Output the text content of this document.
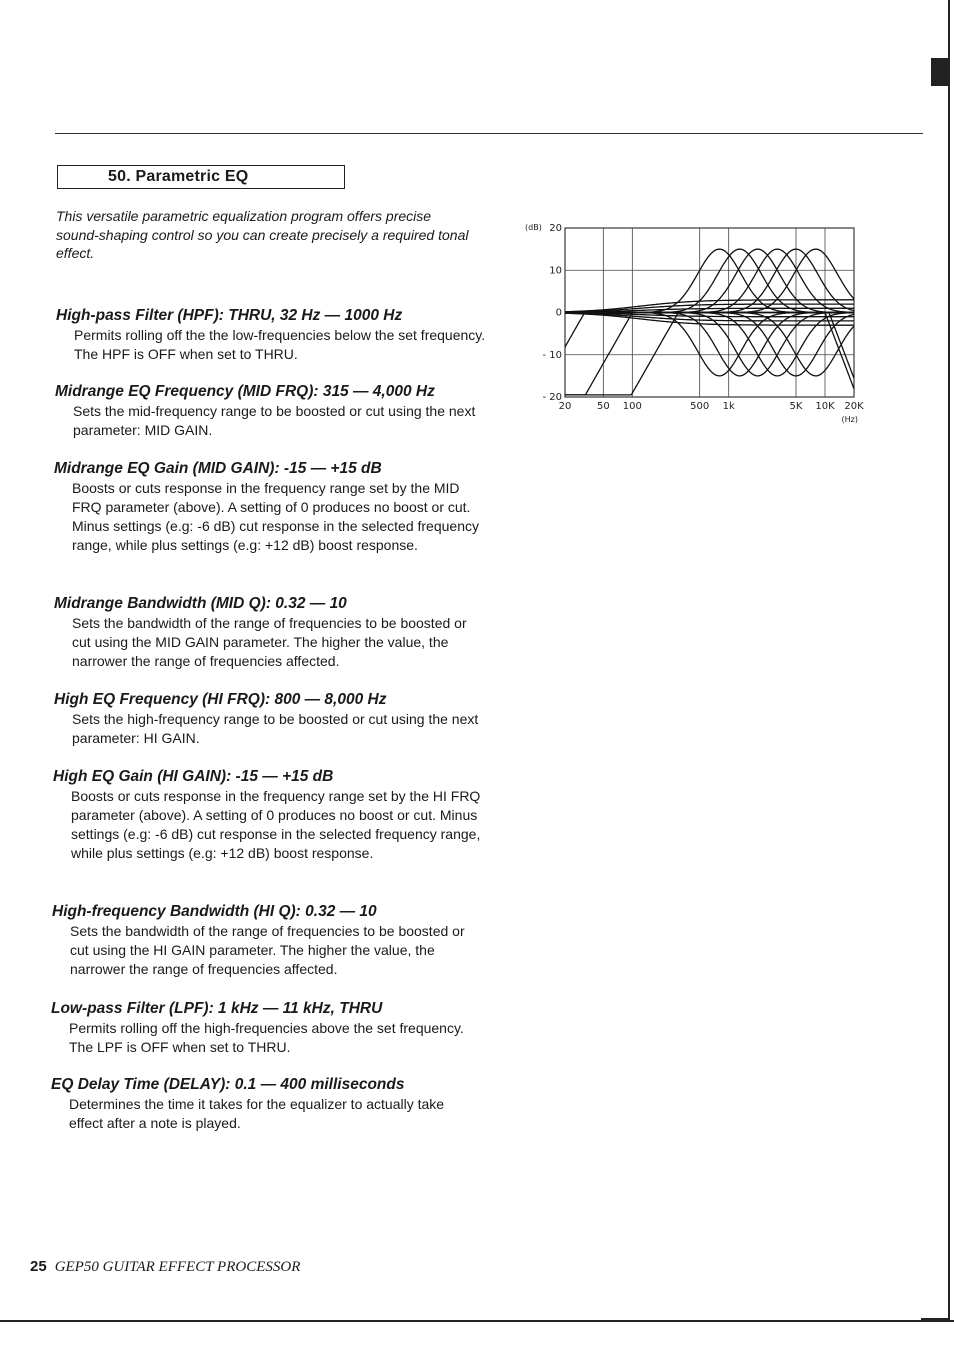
50. Parametric EQ
This versatile parametric equalization program offers precise sound-shaping control so you can create precisely a required tonal effect.
High-pass Filter (HPF): THRU, 32 Hz — 1000 Hz

Permits rolling off the the low-frequencies below the set frequency. The HPF is OFF when set to THRU.

Midrange EQ Frequency (MID FRQ): 315 — 4,000 Hz

Sets the mid-frequency range to be boosted or cut using the next parameter: MID GAIN.

Midrange EQ Gain (MID GAIN): -15 — +15 dB

Boosts or cuts response in the frequency range set by the MID FRQ parameter (above). A setting of 0 produces no boost or cut. Minus settings (e.g: -6 dB) cut response in the selected frequency range, while plus settings (e.g: +12 dB) boost response.

Midrange Bandwidth (MID Q): 0.32 — 10

Sets the bandwidth of the range of frequencies to be boosted or cut using the MID GAIN parameter. The higher the value, the narrower the range of frequencies affected.

High EQ Frequency (HI FRQ): 800 — 8,000 Hz

Sets the high-frequency range to be boosted or cut using the next parameter: HI GAIN.

High EQ Gain (HI GAIN): -15 — +15 dB

Boosts or cuts response in the frequency range set by the HI FRQ parameter (above). A setting of 0 produces no boost or cut. Minus settings (e.g: -6 dB) cut response in the selected frequency range, while plus settings (e.g: +12 dB) boost response.

High-frequency Bandwidth (HI Q): 0.32 — 10

Sets the bandwidth of the range of frequencies to be boosted or cut using the HI GAIN parameter. The higher the value, the narrower the range of frequencies affected.

Low-pass Filter (LPF): 1 kHz — 11 kHz, THRU

Permits rolling off the high-frequencies above the set frequency. The LPF is OFF when set to THRU.

EQ Delay Time (DELAY): 0.1 — 400 milliseconds

Determines the time it takes for the equalizer to actually take effect after a note is played.

20
10
0
- 10
- 20
20	50 100	500 1k	5K 10K 20K
(dB)
(Hz)
25 GEP50 GUITAR EFFECT PROCESSOR
